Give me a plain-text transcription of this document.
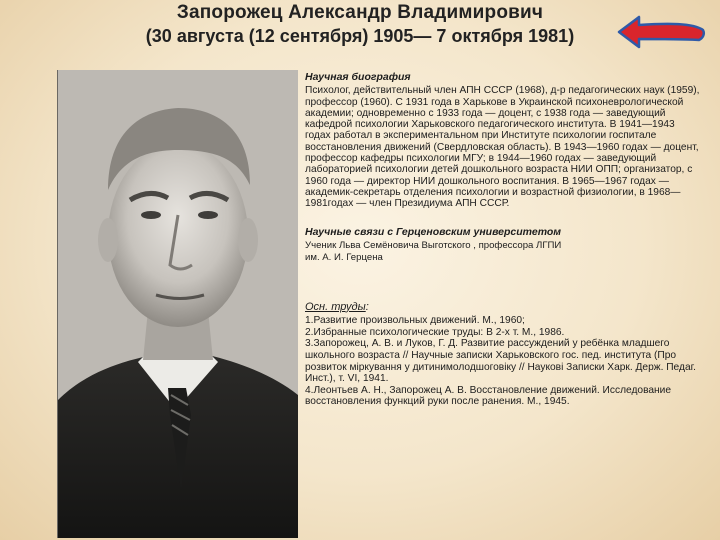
Запорожец Александр Владимирович
(30 августа (12 сентября) 1905— 7 октября 1981)
Научная биография

Психолог, действительный член АПН СССР (1968), д-р педагогических наук (1959), профессор (1960). С 1931 года в Харькове в Украинской психоневрологической академии; одновременно с 1933 года — доцент, с 1938 года — заведующий кафедрой психологии Харьковского педагогического института. В 1941—1943 годах работал в экспериментальном при Институте психологии госпитале восстановления движений (Свердловская область). В 1943—1960 годах — доцент, профессор кафедры психологии МГУ; в 1944—1960 годах — заведующий лабораторией психологии детей дошкольного возраста НИИ ОПП; организатор, с 1960 года — директор НИИ дошкольного воспитания. В 1965—1967 годах — академик-секретарь отделения психологии и возрастной физиологии, в 1968—1981годах — член Президиума АПН СССР.

Научные связи с Герценовским университетом
Ученик Льва Семёновича Выготского , профессора ЛГПИ
им. А. И. Герцена
Осн. труды:
1.Развитие произвольных движений. М., 1960;
2.Избранные психологические труды: В 2-х т. М., 1986.
3.Запорожец, А. В. и Луков, Г. Д. Развитие рассуждений у ребёнка младшего школьного возраста // Научные записки Харьковского гос. пед. института (Про розвиток міркування у дитинимолодшоговіку // Наукові Записки Харк. Держ. Педаг. Инст.), т. VI, 1941.
4.Леонтьев А. Н., Запорожец А. В. Восстановление движений. Исследование восстановления функций руки после ранения. М., 1945.
